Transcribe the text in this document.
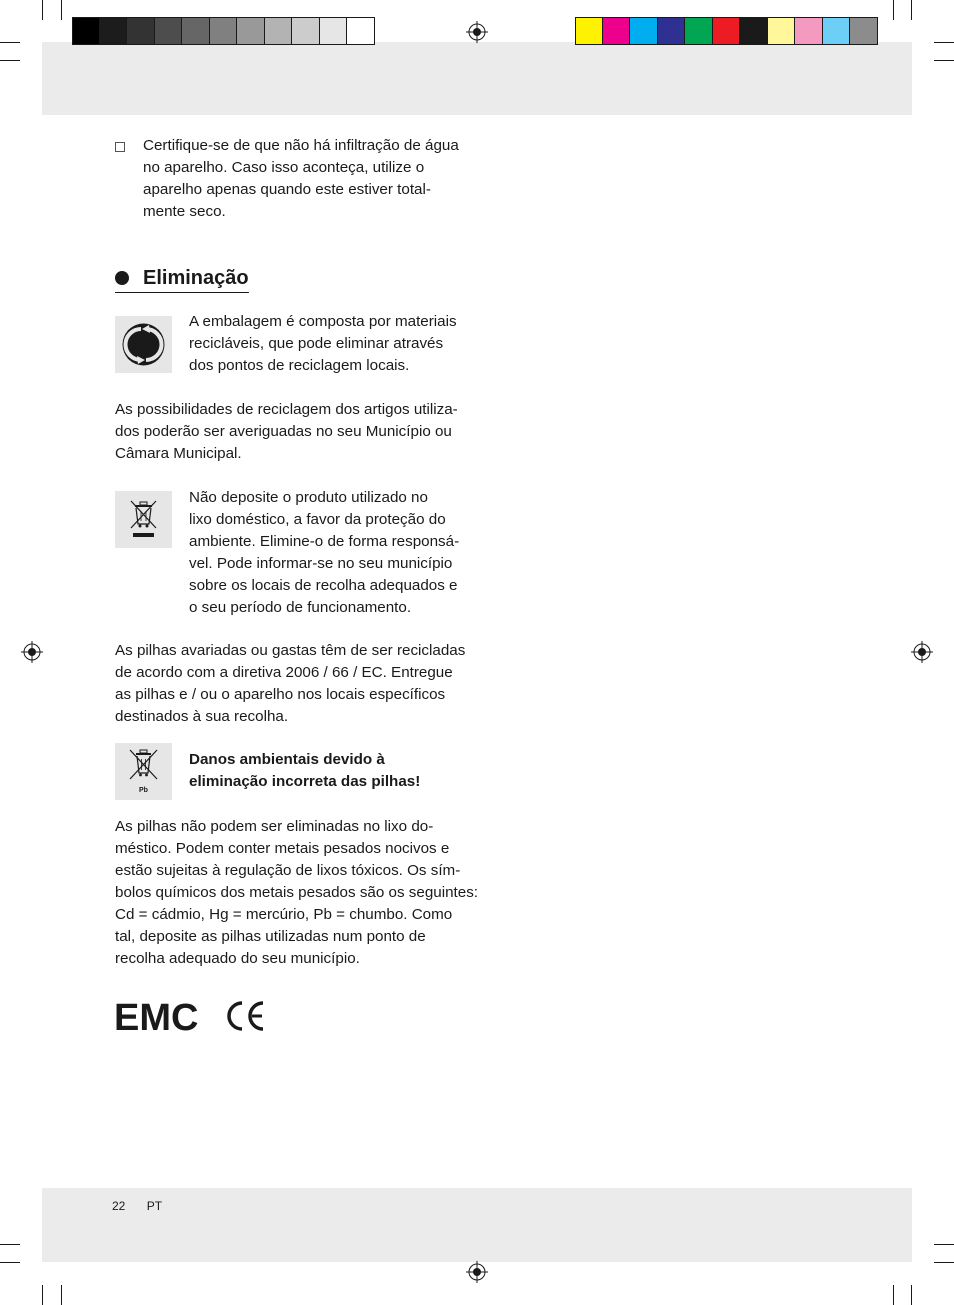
Certifique-se de que não há infiltração de água
no aparelho. Caso isso aconteça, utilize o
aparelho apenas quando este estiver total-
mente seco.
Eliminação
A embalagem é composta por materiais
recicláveis, que pode eliminar através
dos pontos de reciclagem locais.
As possibilidades de reciclagem dos artigos utiliza-
dos poderão ser averiguadas no seu Município ou
Câmara Municipal.
Não deposite o produto utilizado no
lixo doméstico, a favor da proteção do
ambiente. Elimine-o de forma responsá-
vel. Pode informar-se no seu município
sobre os locais de recolha adequados e
o seu período de funcionamento.
As pilhas avariadas ou gastas têm de ser recicladas
de acordo com a diretiva 2006 / 66 / EC. Entregue
as pilhas e / ou o aparelho nos locais específicos
destinados à sua recolha.
Pb
Danos ambientais devido à
eliminação incorreta das pilhas!
As pilhas não podem ser eliminadas no lixo do-
méstico. Podem conter metais pesados nocivos e
estão sujeitas à regulação de lixos tóxicos. Os sím-
bolos químicos dos metais pesados são os seguintes:
Cd = cádmio, Hg = mercúrio, Pb = chumbo. Como
tal, deposite as pilhas utilizadas num ponto de
recolha adequado do seu município.
EMC
22 PT
